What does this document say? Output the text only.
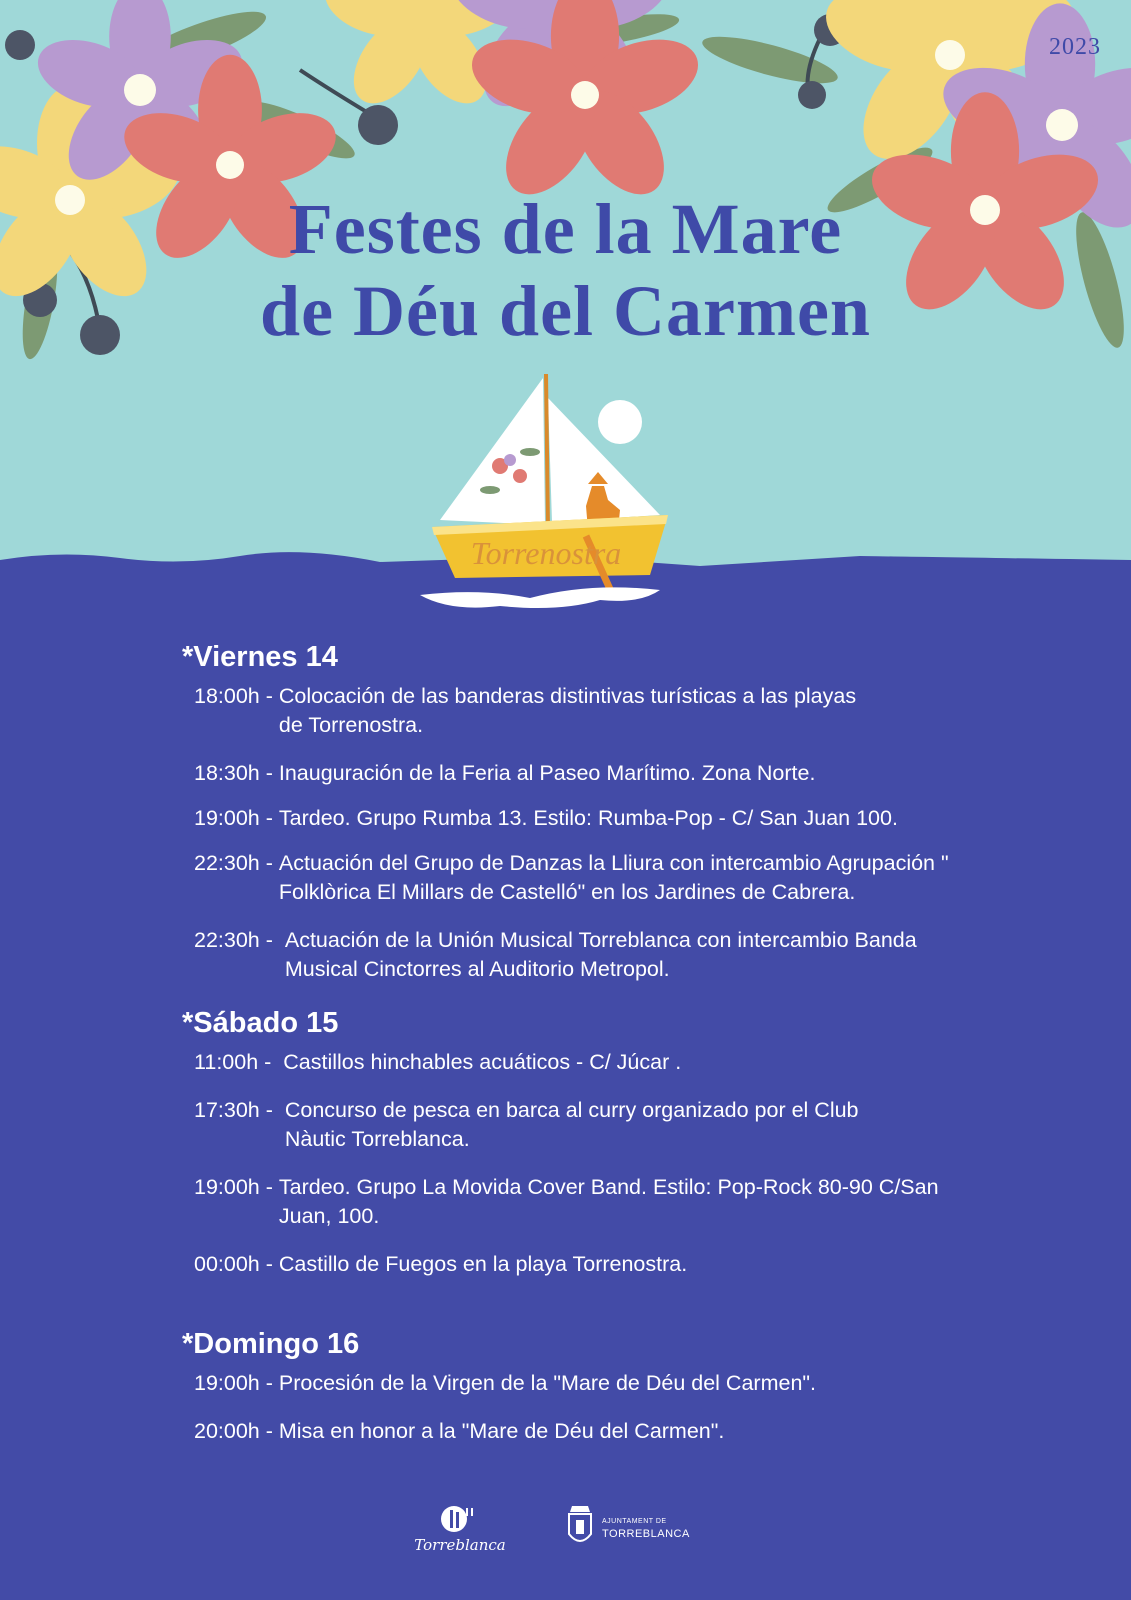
2023
Festes de la Mare
de Déu del Carmen
Torrenostra
*Viernes 14
18:00h - Colocación de las banderas distintivas turísticas a las playas de Torrenostra.
18:30h - Inauguración de la Feria al Paseo Marítimo. Zona Norte.
19:00h - Tardeo. Grupo Rumba 13. Estilo: Rumba-Pop - C/ San Juan 100.
22:30h - Actuación del Grupo de Danzas la Lliura con intercambio Agrupación " Folklòrica El Millars de Castelló" en los Jardines de Cabrera.
22:30h - Actuación de la Unión Musical Torreblanca con intercambio Banda Musical Cinctorres al Auditorio Metropol.
*Sábado 15
11:00h - Castillos hinchables acuáticos - C/ Júcar .
17:30h - Concurso de pesca en barca al curry organizado por el Club Nàutic Torreblanca.
19:00h - Tardeo. Grupo La Movida Cover Band. Estilo: Pop-Rock 80-90 C/San Juan, 100.
00:00h - Castillo de Fuegos en la playa Torrenostra.
*Domingo 16
19:00h - Procesión de la Virgen de la "Mare de Déu del Carmen".
20:00h - Misa en honor a la "Mare de Déu del Carmen".
Torreblanca
AJUNTAMENT DE
TORREBLANCA
